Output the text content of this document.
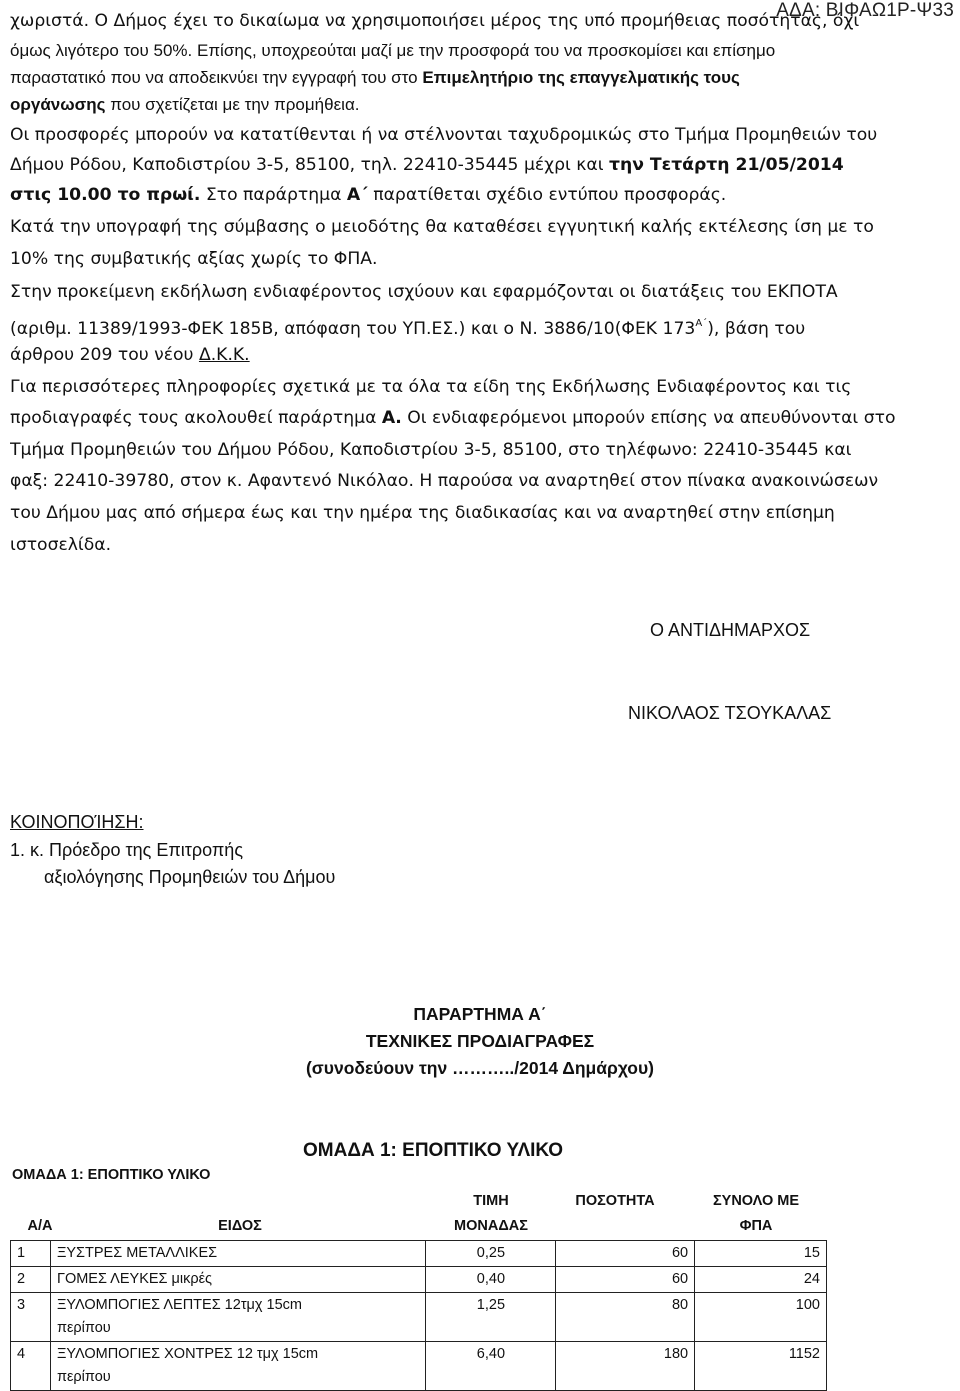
ΑΔΑ: ΒΙΦΑΩ1Ρ-Ψ33
χωριστά. Ο Δήμος έχει το δικαίωμα να χρησιμοποιήσει μέρος της υπό προμήθειας ποσότητας, όχι
όμως λιγότερο του 50%. Επίσης, υποχρεούται μαζί με την προσφορά του να προσκομίσει και επίσημο
παραστατικό που να αποδεικνύει την εγγραφή του στο Επιμελητήριο της επαγγελματικής τους
οργάνωσης που σχετίζεται με την προμήθεια.
Οι προσφορές μπορούν να κατατίθενται ή να στέλνονται ταχυδρομικώς στο Τμήμα Προμηθειών του
Δήμου Ρόδου, Καποδιστρίου 3-5, 85100, τηλ. 22410-35445 μέχρι και την Τετάρτη 21/05/2014
στις 10.00 το πρωί. Στο παράρτημα Α΄ παρατίθεται σχέδιο εντύπου προσφοράς.
Κατά την υπογραφή της σύμβασης ο μειοδότης θα καταθέσει εγγυητική καλής εκτέλεσης ίση με το
10% της συμβατικής αξίας χωρίς το ΦΠΑ.
Στην προκείμενη εκδήλωση ενδιαφέροντος ισχύουν και εφαρμόζονται οι διατάξεις του ΕΚΠΟΤΑ
(αριθμ. 11389/1993-ΦΕΚ 185Β, απόφαση του ΥΠ.ΕΣ.) και ο Ν. 3886/10(ΦΕΚ $173^{A΄}$), βάση του
άρθρου 209 του νέου Δ.Κ.Κ.
Για περισσότερες πληροφορίες σχετικά με τα όλα τα είδη της Εκδήλωσης Ενδιαφέροντος και τις
προδιαγραφές τους ακολουθεί παράρτημα Α. Οι ενδιαφερόμενοι μπορούν επίσης να απευθύνονται στο
Τμήμα Προμηθειών του Δήμου Ρόδου, Καποδιστρίου 3-5, 85100, στο τηλέφωνο: 22410-35445 και
φαξ: 22410-39780, στον κ. Αφαντενό Νικόλαο. Η παρούσα να αναρτηθεί στον πίνακα ανακοινώσεων
του Δήμου μας από σήμερα έως και την ημέρα της διαδικασίας και να αναρτηθεί στην επίσημη
ιστοσελίδα.
Ο ΑΝΤΙΔΗΜΑΡΧΟΣ
ΝΙΚΟΛΑΟΣ ΤΣΟΥΚΑΛΑΣ
ΚΟΙΝΟΠΟΊΗΣΗ:
1. κ. Πρόεδρο της Επιτροπής
αξιολόγησης Προμηθειών του Δήμου
ΠΑΡΑΡΤΗΜΑ Α΄
ΤΕΧΝΙΚΕΣ ΠΡΟΔΙΑΓΡΑΦΕΣ
(συνοδεύουν την ………../2014 Δημάρχου)
ΟΜΑΔΑ 1: ΕΠΟΠΤΙΚΟ ΥΛΙΚΟ
ΟΜΑΔΑ 1: ΕΠΟΠΤΙΚΟ ΥΛΙΚΟ
Α/Α	ΕΙΔΟΣ
ΤΙΜΗ
ΜΟΝΑΔΑΣ
ΠΟΣΟΤΗΤΑ	ΣΥΝΟΛΟ ΜΕ
ΦΠΑ
1	ΞΥΣΤΡΕΣ ΜΕΤΑΛΛΙΚΕΣ	0,25	60	15
2	ΓΟΜΕΣ ΛΕΥΚΕΣ μικρές	0,40	60	24
3	ΞΥΛΟΜΠΟΓΙΕΣ ΛΕΠΤΕΣ 12τμχ 15cm
περίπου	1,25	80	100
4	ΞΥΛΟΜΠΟΓΙΕΣ ΧΟΝΤΡΕΣ 12 τμχ 15cm
περίπου	6,40	180	1152
